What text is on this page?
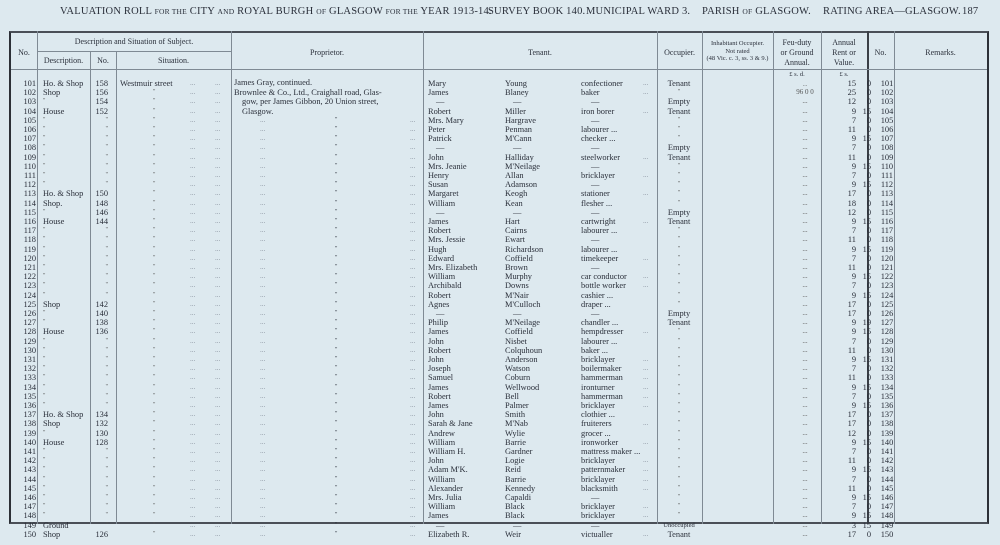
VALUATION ROLL FOR THE CITY AND ROYAL BURGH OF GLASGOW FOR THE YEAR 1913-14.
SURVEY BOOK 140. MUNICIPAL WARD 3. PARISH OF GLASGOW. RATING AREA—GLASGOW. 187
No.
Description and Situation of Subject.
Description.	No.	Situation.
Proprietor.	Tenant.	Occupier.
Inhabitant Occupier.
Not rated
(48 Vic. c. 3, ss. 3 & 9.)
Feu-duty
or Ground
Annual.
Annual
Rent or
Value.
No.	Remarks.
£ s. d.	£ s.
James Gray, continued.
Brownlee & Co., Ltd., Craighall road, Glas-
gow, per James Gibbon, 20 Union street,
Glasgow.
101 Ho. & Shop	158 Westmuir street	...	...	Mary	Young	confectioner	...	Tenant	15	0	101
102 Shop	156	"	...	...	James	Blaney	baker	...	"	96 0 0	25	0	102
103	"	154	"	...	...	—	—	—	Empty	...	12	0	103
104 House	152	"	...	...	Robert	Miller	iron borer	...	Tenant	...	9 15	104
105	"	"	"	...	...	...	"	...	Mrs. Mary	Hargrave	—	"	...	7	0	105
106	"	"	"	...	...	...	"	...	Peter	Penman	labourer ...	"	...	11	0	106
107	"	"	"	...	...	...	"	...	Patrick	M'Cann	checker ...	"	...	9 15	107
108	"	"	"	...	...	...	"	...	—	—	—	Empty	...	7	0	108
109	"	"	"	...	...	...	"	...	John	Halliday	steelworker	...	Tenant	...	11	0	109
110	"	"	"	...	...	...	"	...	Mrs. Jeanie	M'Neilage	—	"	...	9 15	110
111	"	"	"	...	...	...	"	...	Henry	Allan	bricklayer	...	"	...	7	0	111
112	"	"	"	...	...	...	"	...	Susan	Adamson	—	"	...	9 15	112
113 Ho. & Shop	150	"	...	...	...	"	...	Margaret	Keogh	stationer	...	"	...	17	0	113
114 Shop.	148	"	...	...	...	"	...	William	Kean	flesher ...	"	...	18	0	114
115	"	146	"	...	...	...	"	...	—	—	—	Empty	...	12	0	115
116 House	144	"	...	...	...	"	...	James	Hart	cartwright	...	Tenant	...	9 15	116
117	"	"	"	...	...	...	"	...	Robert	Cairns	labourer ...	"	...	7	0	117
118	"	"	"	...	...	...	"	...	Mrs. Jessie	Ewart	—	"	...	11	0	118
119	"	"	"	...	...	...	"	...	Hugh	Richardson	labourer ...	"	...	9 15	119
120	"	"	"	...	...	...	"	...	Edward	Coffield	timekeeper	...	"	...	7	0	120
121	"	"	"	...	...	...	"	...	Mrs. Elizabeth	Brown	—	"	...	11	0	121
122	"	"	"	...	...	...	"	...	William	Murphy	car conductor	...	"	...	9 15	122
123	"	"	"	...	...	...	"	...	Archibald	Downs	bottle worker	...	"	...	7	0	123
124	"	"	"	...	...	...	"	...	Robert	M'Nair	cashier ...	"	...	9 15	124
125 Shop	142	"	...	...	...	"	...	Agnes	M'Culloch	draper ...	"	...	17	0	125
126	"	140	"	...	...	...	"	...	—	—	—	Empty	...	17	0	126
127	"	138	"	...	...	...	"	...	Philip	M'Neilage	chandler ...	Tenant	...	9 19	127
128 House	136	"	...	...	...	"	...	James	Coffield	hempdresser	...	"	...	9 15	128
129	"	"	"	...	...	...	"	...	John	Nisbet	labourer ...	"	...	7	0	129
130	"	"	"	...	...	...	"	...	Robert	Colquhoun	baker ...	"	...	11	0	130
131	"	"	"	...	...	...	"	...	John	Anderson	bricklayer	...	"	...	9 15	131
132	"	"	"	...	...	...	"	...	Joseph	Watson	boilermaker	...	"	...	7	0	132
133	"	"	"	...	...	...	"	...	Samuel	Coburn	hammerman	...	"	...	11	0	133
134	"	"	"	...	...	...	"	...	James	Wellwood	ironturner	...	"	...	9 15	134
135	"	"	"	...	...	...	"	...	Robert	Bell	hammerman	...	"	...	7	0	135
136	"	"	"	...	...	...	"	...	James	Palmer	bricklayer	...	"	...	9 15	136
137 Ho. & Shop	134	"	...	...	...	"	...	John	Smith	clothier ...	"	...	17	0	137
138 Shop	132	"	...	...	...	"	...	Sarah & Jane	M'Nab	fruiterers	...	"	...	17	0	138
139	"	130	"	...	...	...	"	...	Andrew	Wylie	grocer ...	"	...	12	0	139
140 House	128	"	...	...	...	"	...	William	Barrie	ironworker	...	"	...	9 15	140
141	"	"	"	...	...	...	"	...	William H.	Gardner	mattress maker ...	"	...	7	0	141
142	"	"	"	...	...	...	"	...	John	Logie	bricklayer	...	"	...	11	0	142
143	"	"	"	...	...	...	"	...	Adam M'K.	Reid	patternmaker	...	"	...	9 15	143
144	"	"	"	...	...	...	"	...	William	Barrie	bricklayer	...	"	...	7	0	144
145	"	"	"	...	...	...	"	...	Alexander	Kennedy	blacksmith	...	"	...	11	0	145
146	"	"	"	...	...	...	"	...	Mrs. Julia	Capaldi	—	"	...	9 15	146
147	"	"	"	...	...	...	"	...	William	Black	bricklayer	...	"	...	7	0	147
148	"	"	"	...	...	...	"	...	James	Black	bricklayer	...	"	...	9 15	148
149 Ground	"	"	...	...	...	"	...	—	—	—	Unoccupied	...	3 15	149
150 Shop	126	"	...	...	...	"	...	Elizabeth R.	Weir	victualler	...	Tenant	...	17	0	150
...
